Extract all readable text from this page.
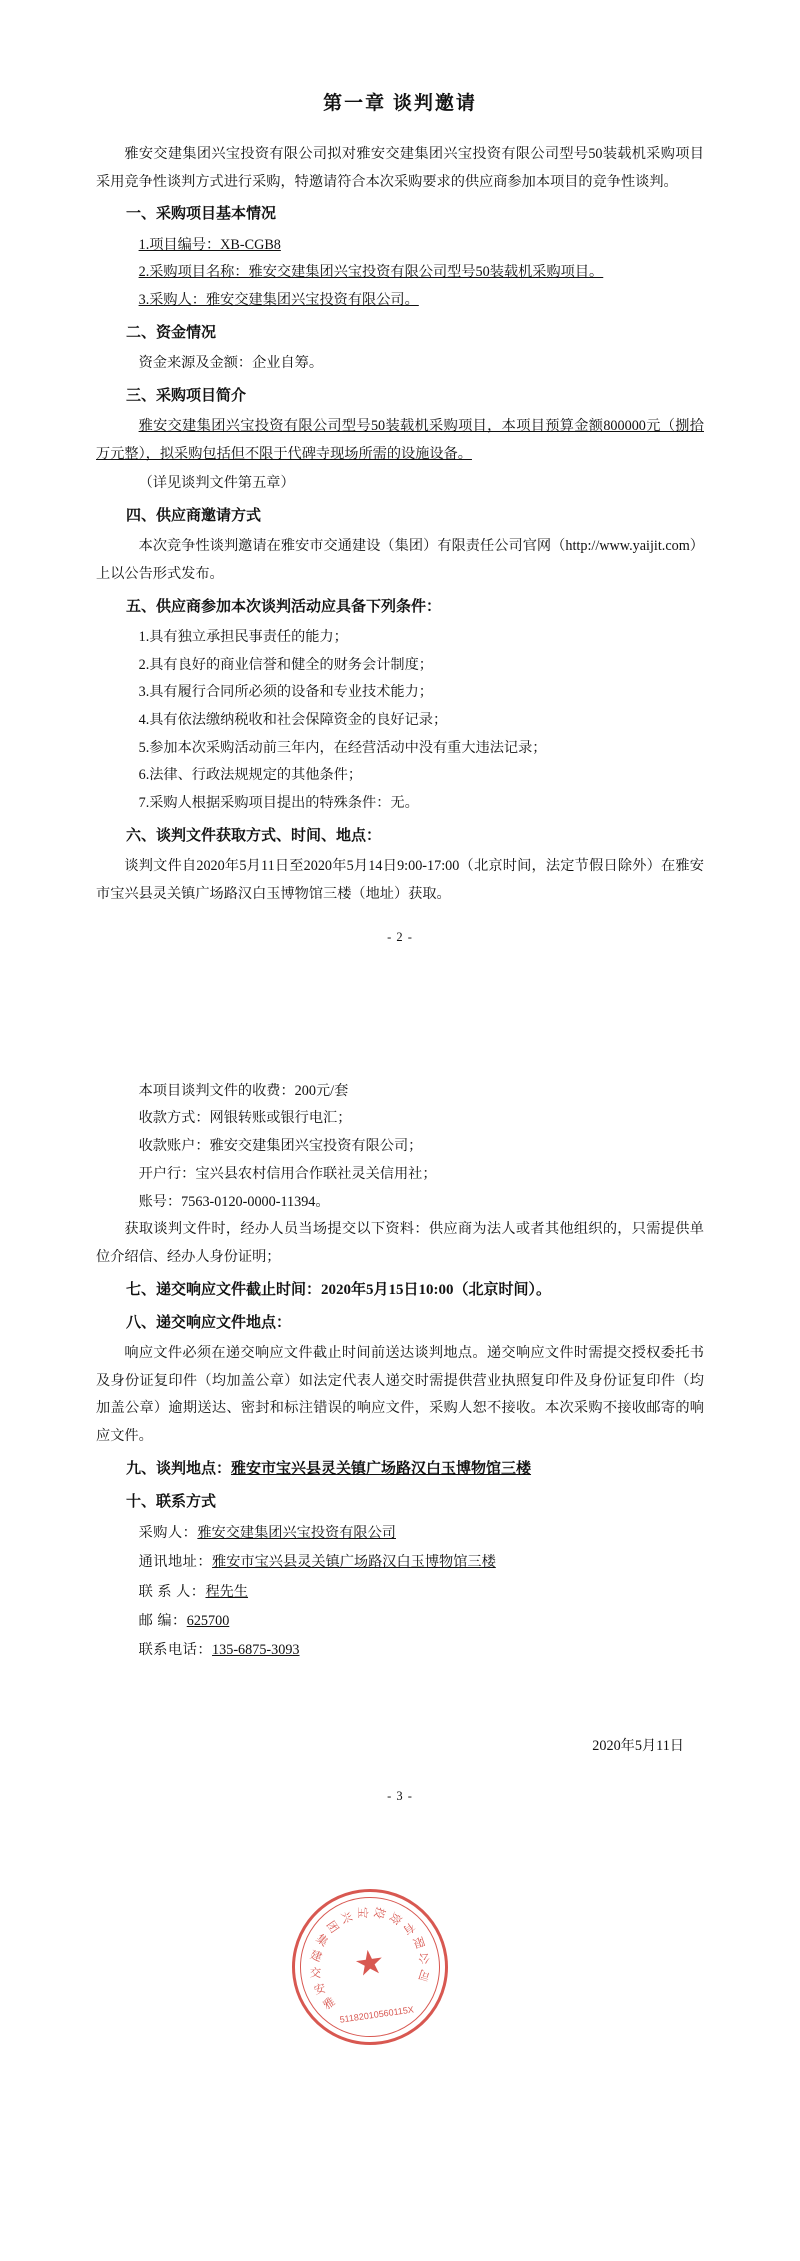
第一章 谈判邀请

雅安交建集团兴宝投资有限公司拟对雅安交建集团兴宝投资有限公司型号50装载机采购项目采用竞争性谈判方式进行采购，特邀请符合本次采购要求的供应商参加本项目的竞争性谈判。

一、采购项目基本情况

1.项目编号：XB-CGB8

2.采购项目名称：雅安交建集团兴宝投资有限公司型号50装载机采购项目。

3.采购人：雅安交建集团兴宝投资有限公司。

二、资金情况

资金来源及金额：企业自筹。

三、采购项目简介

雅安交建集团兴宝投资有限公司型号50装载机采购项目，本项目预算金额800000元（捌拾万元整），拟采购包括但不限于代碑寺现场所需的设施设备。

（详见谈判文件第五章）

四、供应商邀请方式

本次竞争性谈判邀请在雅安市交通建设（集团）有限责任公司官网（http://www.yaijit.com）上以公告形式发布。

五、供应商参加本次谈判活动应具备下列条件：

1.具有独立承担民事责任的能力；

2.具有良好的商业信誉和健全的财务会计制度；

3.具有履行合同所必须的设备和专业技术能力；

4.具有依法缴纳税收和社会保障资金的良好记录；

5.参加本次采购活动前三年内，在经营活动中没有重大违法记录；

6.法律、行政法规规定的其他条件；

7.采购人根据采购项目提出的特殊条件：无。

六、谈判文件获取方式、时间、地点：

谈判文件自2020年5月11日至2020年5月14日9:00-17:00（北京时间，法定节假日除外）在雅安市宝兴县灵关镇广场路汉白玉博物馆三楼（地址）获取。

- 2 -

本项目谈判文件的收费：200元/套

收款方式：网银转账或银行电汇；

收款账户：雅安交建集团兴宝投资有限公司；

开户行：宝兴县农村信用合作联社灵关信用社；

账号：7563-0120-0000-11394。

获取谈判文件时，经办人员当场提交以下资料：供应商为法人或者其他组织的，只需提供单位介绍信、经办人身份证明；

七、递交响应文件截止时间：2020年5月15日10:00（北京时间）。

八、递交响应文件地点：

响应文件必须在递交响应文件截止时间前送达谈判地点。递交响应文件时需提交授权委托书及身份证复印件（均加盖公章）如法定代表人递交时需提供营业执照复印件及身份证复印件（均加盖公章）逾期送达、密封和标注错误的响应文件，采购人恕不接收。本次采购不接收邮寄的响应文件。

九、谈判地点：雅安市宝兴县灵关镇广场路汉白玉博物馆三楼

十、联系方式

采购人：雅安交建集团兴宝投资有限公司

通讯地址：雅安市宝兴县灵关镇广场路汉白玉博物馆三楼

联 系 人：程先生

邮 编：625700

联系电话：135-6875-3093

2020年5月11日

- 3 -

★
雅
安
交
建
集
团
兴 宝 投 资
有
限
公
司
51182010560115X
